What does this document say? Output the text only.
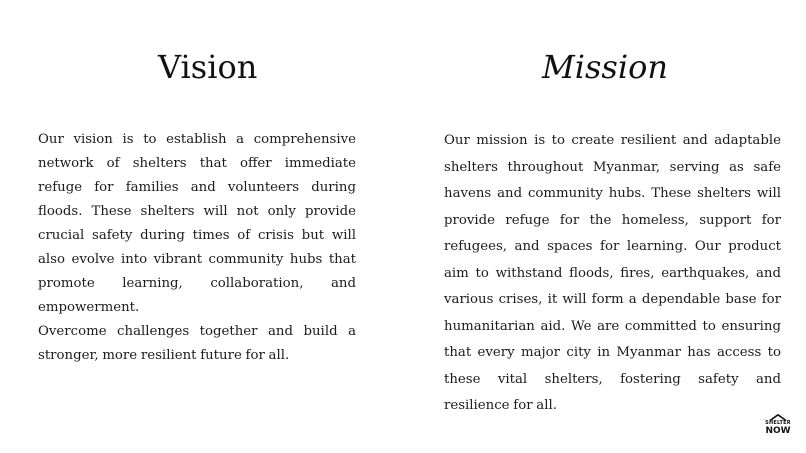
Vision

Our vision is to establish a comprehensive network of shelters that offer immediate refuge for families and volunteers during floods. These shelters will not only provide crucial safety during times of crisis but will also evolve into vibrant community hubs that promote learning, collaboration, and empowerment.

Overcome challenges together and build a stronger, more resilient future for all.

Mission

Our mission is to create resilient and adaptable shelters throughout Myanmar, serving as safe havens and community hubs. These shelters will provide refuge for the homeless, support for refugees, and spaces for learning. Our product aim to withstand floods, fires, earthquakes, and various crises, it will form a dependable base for humanitarian aid. We are committed to ensuring that every major city in Myanmar has access to these vital shelters, fostering safety and resilience for all.

SHELTER
NOW
